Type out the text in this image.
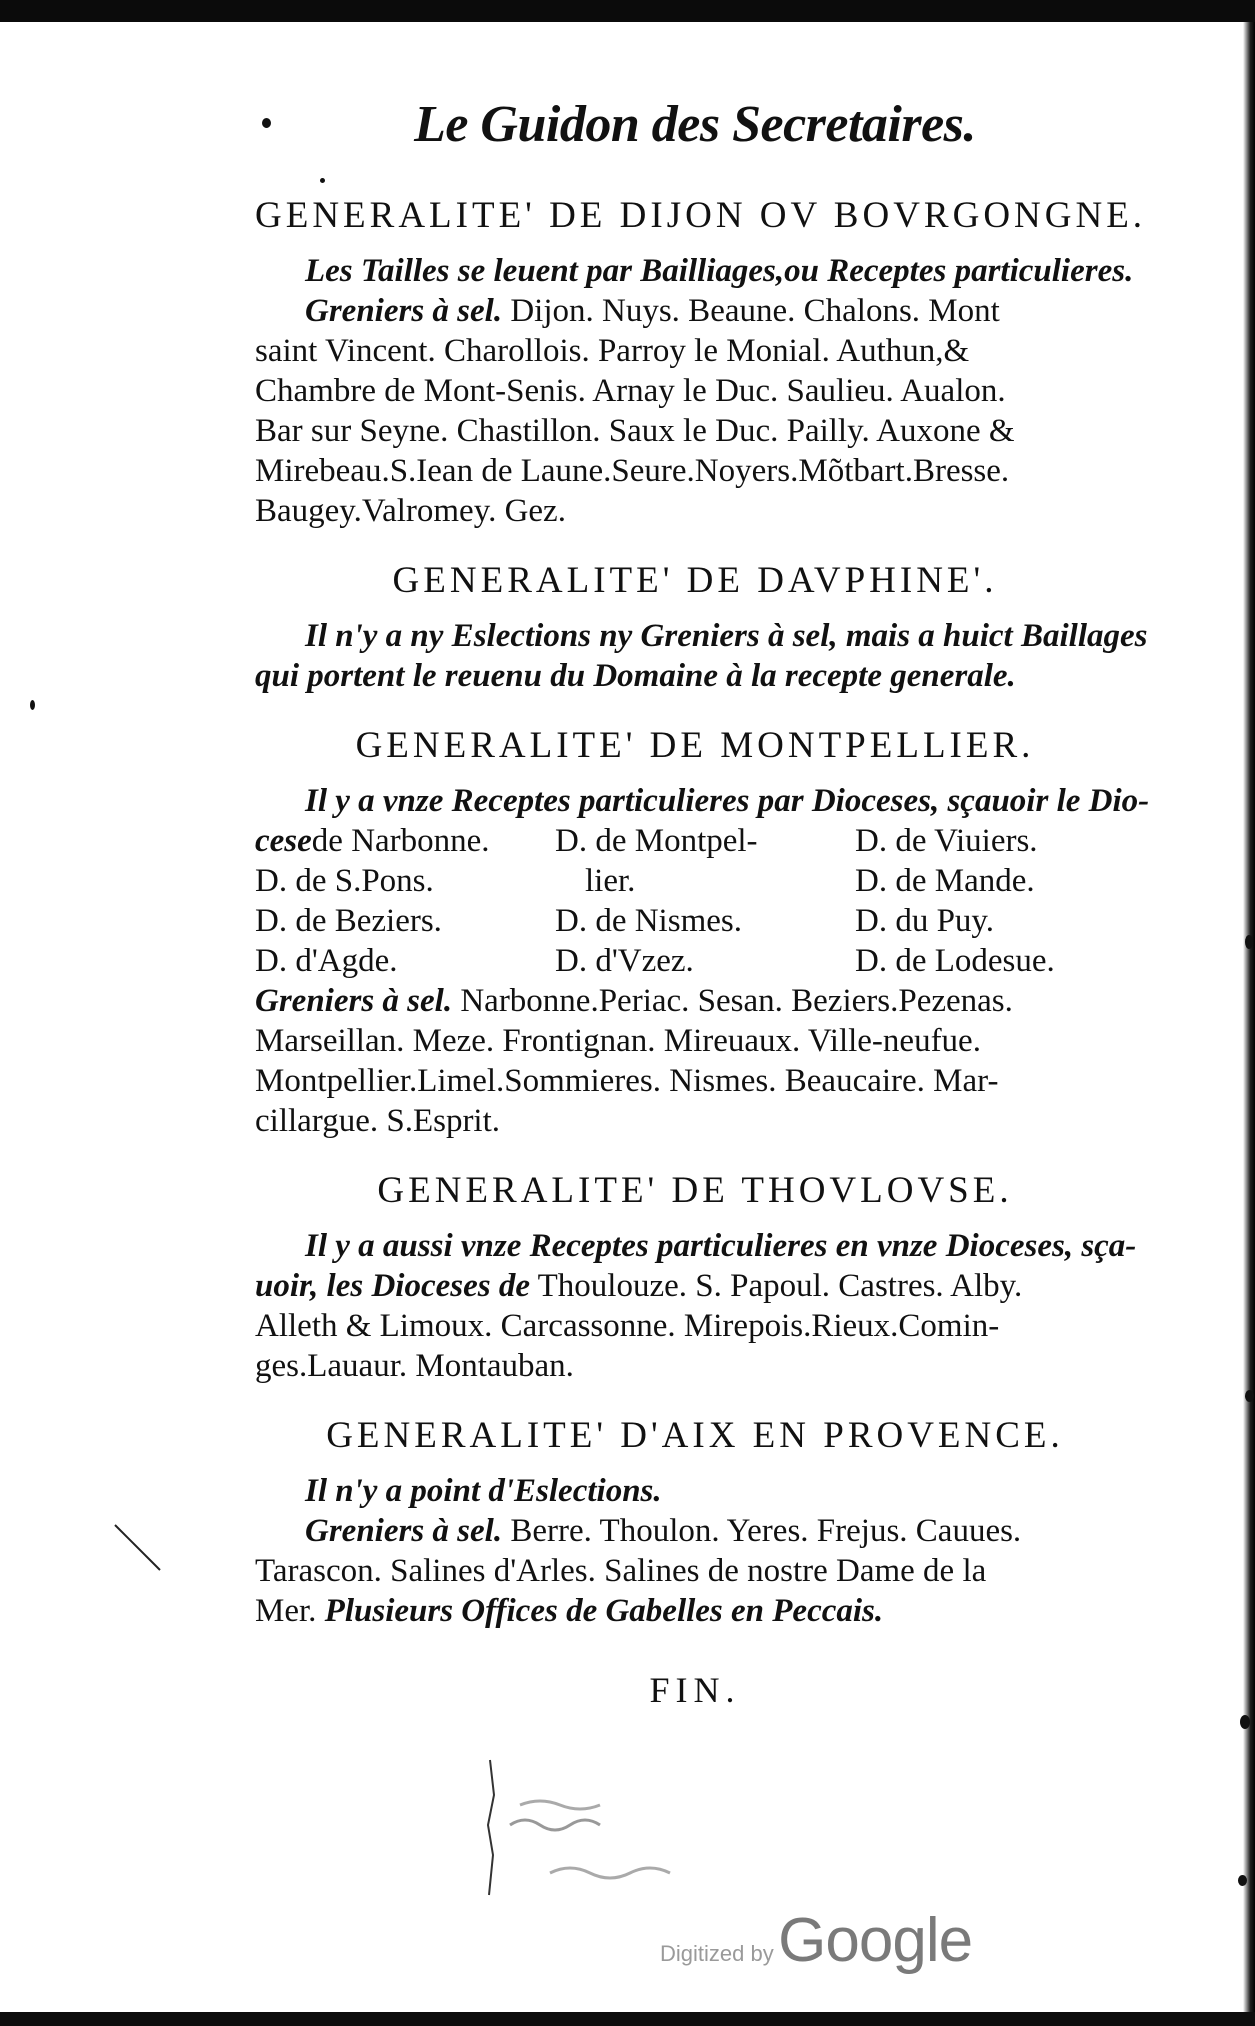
Le Guidon des Secretaires.
GENERALITE' DE DIJON OV BOVRGONGNE.

Les Tailles se leuent par Bailliages,ou Receptes particulieres.

Greniers à sel. Dijon. Nuys. Beaune. Chalons. Mont

saint Vincent. Charollois. Parroy le Monial. Authun,&

Chambre de Mont-Senis. Arnay le Duc. Saulieu. Aualon.

Bar sur Seyne. Chastillon. Saux le Duc. Pailly. Auxone &

Mirebeau.S.Iean de Laune.Seure.Noyers.Mõtbart.Bresse.

Baugey.Valromey. Gez.

GENERALITE' DE DAVPHINE'.

Il n'y a ny Eslections ny Greniers à sel, mais a huict Baillages

qui portent le reuenu du Domaine à la recepte generale.

GENERALITE' DE MONTPELLIER.

Il y a vnze Receptes particulieres par Dioceses, sçauoir le Dio-

cesede Narbonne.	D. de Montpel-	D. de Viuiers.
D. de S.Pons.	lier.	D. de Mande.
D. de Beziers.	D. de Nismes.	D. du Puy.
D. d'Agde.	D. d'Vzez.	D. de Lodesue.

Greniers à sel. Narbonne.Periac. Sesan. Beziers.Pezenas.

Marseillan. Meze. Frontignan. Mireuaux. Ville-neufue.

Montpellier.Limel.Sommieres. Nismes. Beaucaire. Mar-

cillargue. S.Esprit.

GENERALITE' DE THOVLOVSE.

Il y a aussi vnze Receptes particulieres en vnze Dioceses, sça-

uoir, les Dioceses de Thoulouze. S. Papoul. Castres. Alby.

Alleth & Limoux. Carcassonne. Mirepois.Rieux.Comin-

ges.Lauaur. Montauban.

GENERALITE' D'AIX EN PROVENCE.

Il n'y a point d'Eslections.

Greniers à sel. Berre. Thoulon. Yeres. Frejus. Cauues.

Tarascon. Salines d'Arles. Salines de nostre Dame de la

Mer. Plusieurs Offices de Gabelles en Peccais.

FIN.
Digitized by Google
